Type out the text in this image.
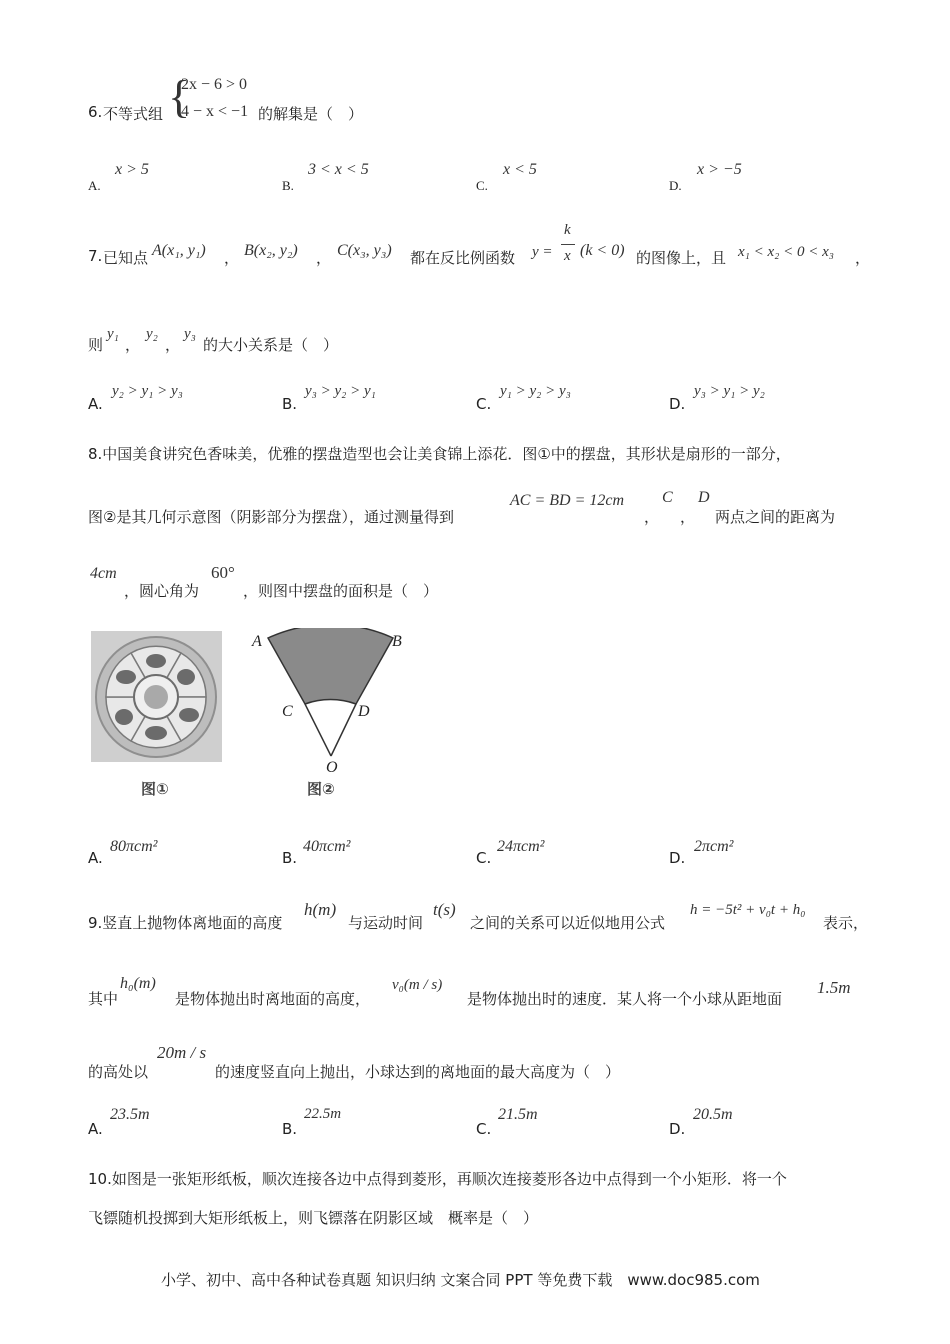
{
2x − 6 > 0
4 − x < −1
6. 不等式组	的解集是（　）
A.
x > 5
B.
3 < x < 5
C.
x < 5
D.
x > −5
7. 已知点 A(x₁, y₁) ， B(x₂, y₂) ， C(x₃, y₃) 都在反比例函数 y =
k
x (k < 0) 的图像上，且 x₁ < x₂ < 0 < x₃ ，
则
y₁
，
y₂
，
y₃
的大小关系是（　）
A.
y₂ > y₁ > y₃
B.
y₃ > y₂ > y₁
C.
y₁ > y₂ > y₃
D.
y₃ > y₁ > y₂
8.中国美食讲究色香味美，优雅的摆盘造型也会让美食锦上添花．图①中的摆盘，其形状是扇形的一部分，
图②是其几何示意图（阴影部分为摆盘），通过测量得到
AC = BD = 12cm
，
C
，
D
两点之间的距离为
4cm
，圆心角为
60°
，则图中摆盘的面积是（　）
图①
A	B
C	D
O
图②
A.
80πcm²
B.
40πcm²
C.
24πcm²
D.
2πcm²
9.竖直上抛物体离地面的高度
h(m)
与运动时间
t(s)
之间的关系可以近似地用公式
h = −5t² + v₀t + h₀
表示，
其中
h₀(m)
是物体抛出时离地面的高度，
v₀(m / s)
是物体抛出时的速度．某人将一个小球从距地面
1.5m
的高处以
20m / s
的速度竖直向上抛出，小球达到的离地面的最大高度为（　）
A.
23.5m
B.
22.5m
C.
21.5m
D.
20.5m
10.如图是一张矩形纸板，顺次连接各边中点得到菱形，再顺次连接菱形各边中点得到一个小矩形．将一个
飞镖随机投掷到大矩形纸板上，则飞镖落在阴影区域　概率是（　）
小学、初中、高中各种试卷真题 知识归纳 文案合同 PPT 等免费下载　www.doc985.com
